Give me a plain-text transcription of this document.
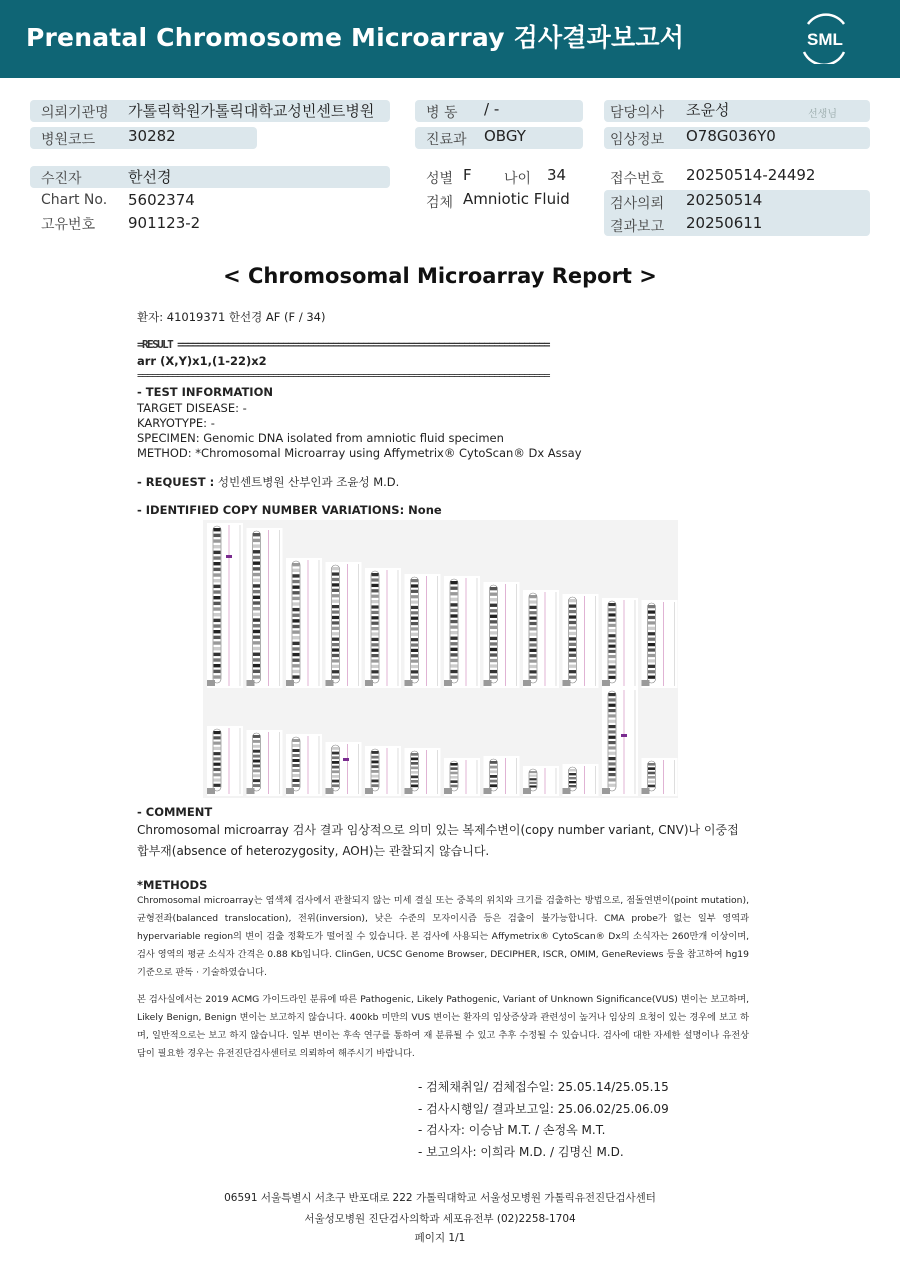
Prenatal Chromosome Microarray 검사결과보고서	SML
의뢰기관명 가톨릭학원가톨릭대학교성빈센트병원
병원코드 30282
병 동 / -
진료과 OBGY
담당의사 조윤성	선생님
임상정보 O78G036Y0
수진자	한선경
Chart No. 5602374
고유번호 901123-2
성별 F 나이 34
검체 Amniotic Fluid
접수번호 20250514-24492
검사의뢰 20250514
결과보고 20250611
< Chromosomal Microarray Report >
환자: 41019371 한선경 AF (F / 34)
=RESULT ==========================================================================
arr (X,Y)x1,(1-22)x2
==================================================================================
- TEST INFORMATION
TARGET DISEASE: -
KARYOTYPE: -
SPECIMEN: Genomic DNA isolated from amniotic fluid specimen
METHOD: *Chromosomal Microarray using Affymetrix® CytoScan® Dx Assay
- REQUEST : 성빈센트병원 산부인과 조윤성 M.D.
- IDENTIFIED COPY NUMBER VARIATIONS: None
- COMMENT
Chromosomal microarray 검사 결과 임상적으로 의미 있는 복제수변이(copy number variant, CNV)나 이중접합부재(absence of heterozygosity, AOH)는 관찰되지 않습니다.
*METHODS
Chromosomal microarray는 염색체 검사에서 관찰되지 않는 미세 결실 또는 중복의 위치와 크기를 검출하는 방법으로, 점돌연변이(point mutation), 균형전좌(balanced translocation), 전위(inversion), 낮은 수준의 모자이시즘 등은 검출이 불가능합니다. CMA probe가 없는 일부 영역과 hypervariable region의 변이 검출 정확도가 떨어질 수 있습니다. 본 검사에 사용되는 Affymetrix® CytoScan® Dx의 소식자는 260만개 이상이며, 검사 영역의 평균 소식자 간격은 0.88 Kb입니다. ClinGen, UCSC Genome Browser, DECIPHER, ISCR, OMIM, GeneReviews 등을 참고하여 hg19 기준으로 판독 · 기술하였습니다.
본 검사실에서는 2019 ACMG 가이드라인 분류에 따른 Pathogenic, Likely Pathogenic, Variant of Unknown Significance(VUS) 변이는 보고하며, Likely Benign, Benign 변이는 보고하지 않습니다. 400kb 미만의 VUS 변이는 환자의 임상증상과 관련성이 높거나 임상의 요청이 있는 경우에 보고 하며, 일반적으로는 보고 하지 않습니다. 일부 변이는 후속 연구를 통하여 재 분류될 수 있고 추후 수정될 수 있습니다. 검사에 대한 자세한 설명이나 유전상담이 필요한 경우는 유전진단검사센터로 의뢰하여 해주시기 바랍니다.
- 검체채취일/ 검체접수일: 25.05.14/25.05.15
- 검사시행일/ 결과보고일: 25.06.02/25.06.09
- 검사자: 이승남 M.T. / 손정옥 M.T.
- 보고의사: 이희라 M.D. / 김명신 M.D.
06591 서울특별시 서초구 반포대로 222 가톨릭대학교 서울성모병원 가톨릭유전진단검사센터
서울성모병원 진단검사의학과 세포유전부 (02)2258-1704
페이지 1/1
